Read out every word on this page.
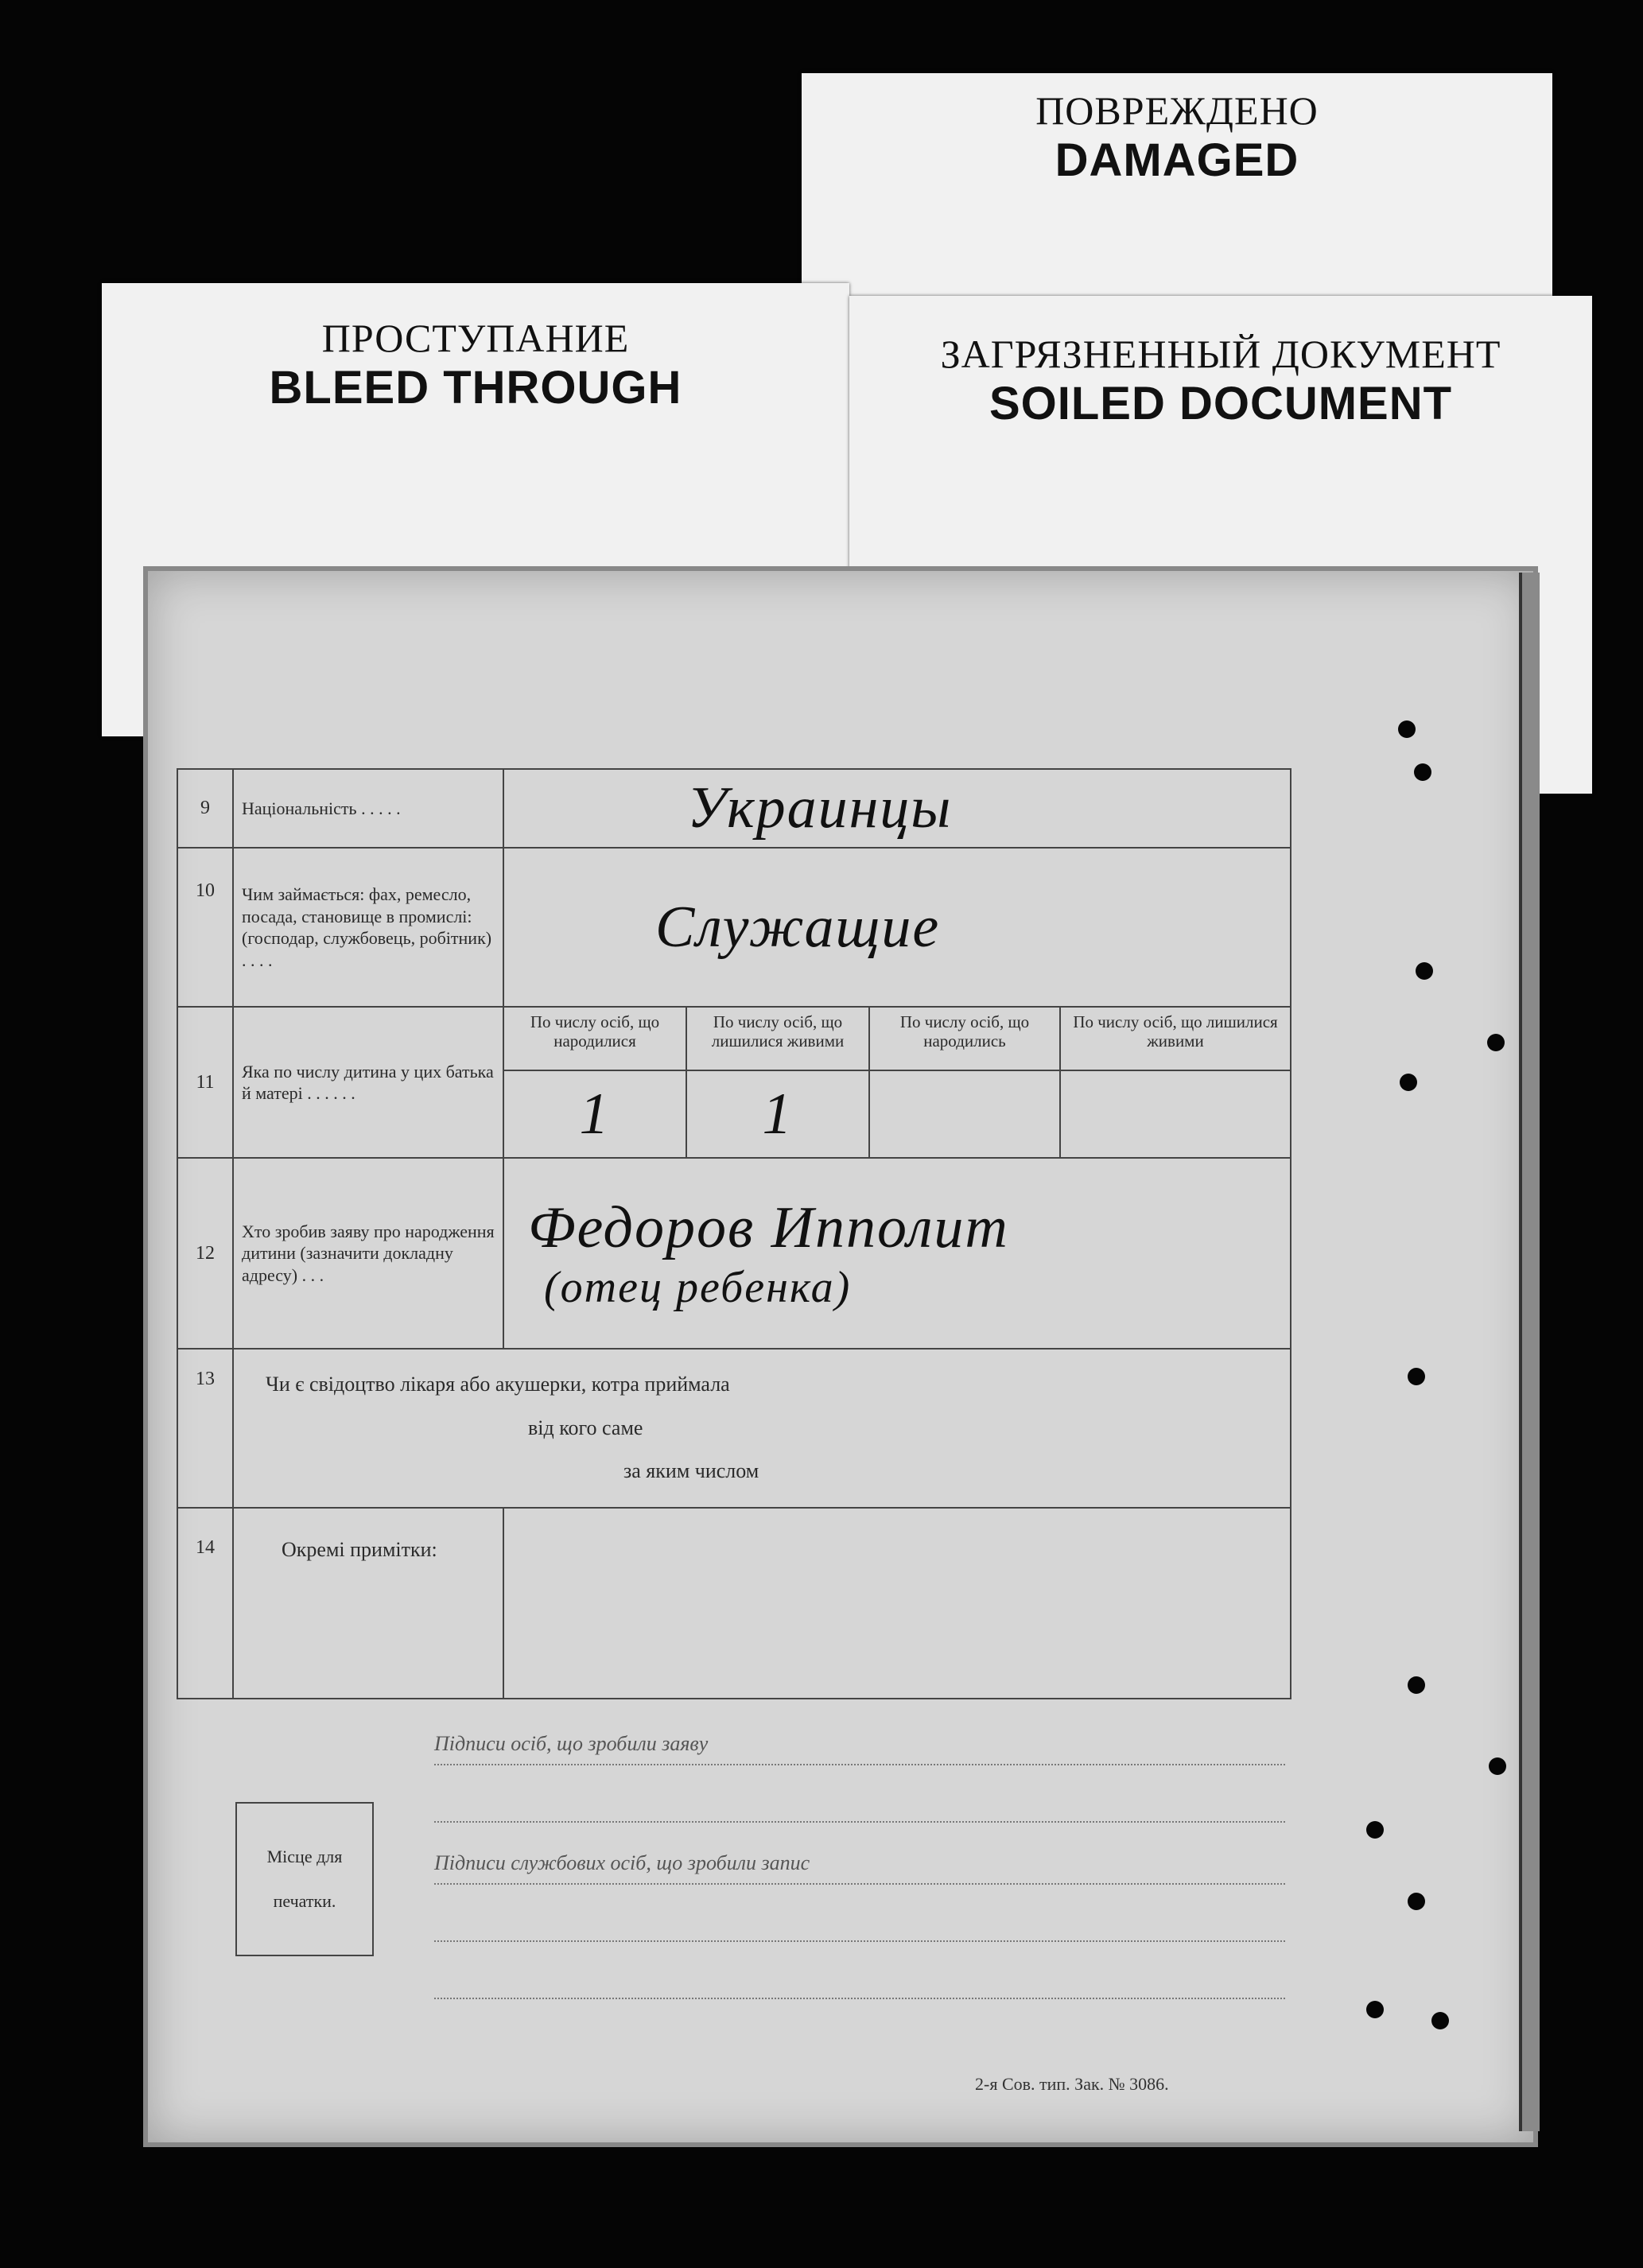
ПОВРЕЖДЕНО
DAMAGED
ПРОСТУПАНИЕ
BLEED THROUGH
ЗАГРЯЗНЕННЫЙ ДОКУМЕНТ
SOILED DOCUMENT
9	Національність . . . . .	Украинцы			
10	Чим займається: фах, ремесло, посада, становище в промислі: (господар, службовець, робітник) . . . .	Служащие			
11	Яка по числу дитина у цих батька й матері . . . . . .	По числу осіб, що народилися	По числу осіб, що лишилися живими	По числу осіб, що народились	По числу осіб, що лишилися живими
		1	1		
12	Хто зробив заяву про народження дитини (зазначити докладну адресу) . . .	Федоров Ипполит
(отец ребенка)			

13	Чи є свідоцтво лікаря або акушерки, котра приймала
від кого саме
за яким числом				

14	Окремі примітки:				
Підписи осіб, що зробили заяву
Підписи службових осіб, що зробили запис
Місце для
печатки.
2-я Сов. тип. Зак. № 3086.
